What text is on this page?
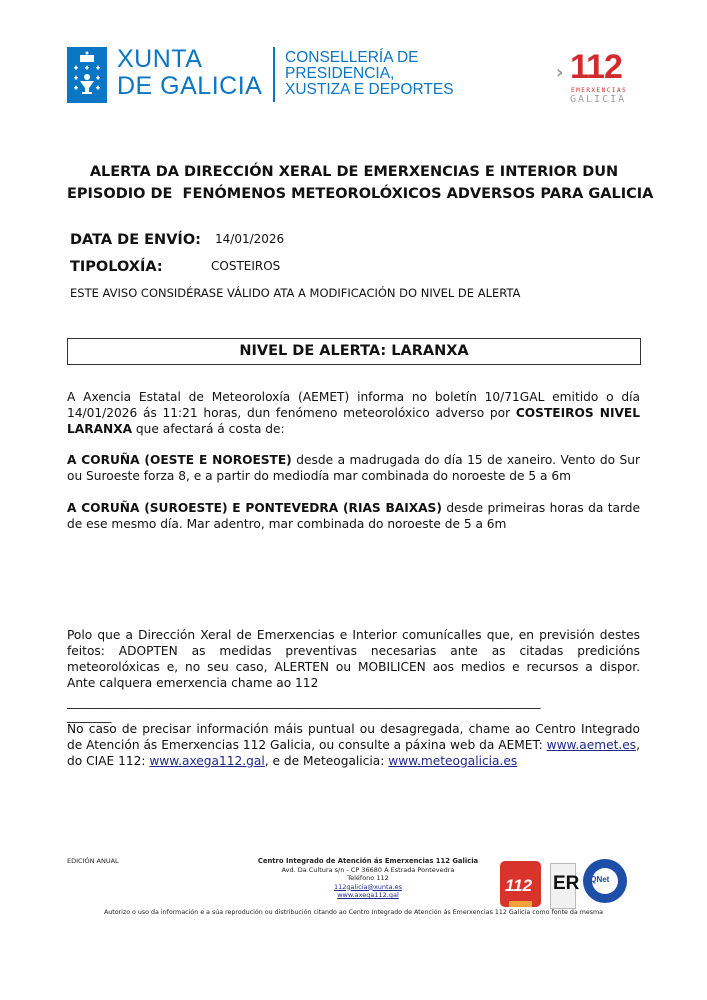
XUNTA
DE GALICIA
CONSELLERÍA DE
PRESIDENCIA,
XUSTIZA E DEPORTES
› 112
EMERXENCIAS
GALICIA
ALERTA DA DIRECCIÓN XERAL DE EMERXENCIAS E INTERIOR DUN
EPISODIO DE  FENÓMENOS METEOROLÓXICOS ADVERSOS PARA GALICIA
DATA DE ENVÍO: 14/01/2026
TIPOLOXÍA:	COSTEIROS
ESTE AVISO CONSIDÉRASE VÁLIDO ATA A MODIFICACIÓN DO NIVEL DE ALERTA
NIVEL DE ALERTA: LARANXA
A Axencia Estatal de Meteoroloxía (AEMET) informa no boletín 10/71GAL emitido o día 14/01/2026 ás 11:21 horas, dun fenómeno meteorolóxico adverso por COSTEIROS NIVEL LARANXA que afectará á costa de:
A CORUÑA (OESTE E NOROESTE) desde a madrugada do día 15 de xaneiro. Vento do Sur ou Suroeste forza 8, e a partir do mediodía mar combinada do noroeste de 5 a 6m
A CORUÑA (SUROESTE) E PONTEVEDRA (RIAS BAIXAS) desde primeiras horas da tarde de ese mesmo día. Mar adentro, mar combinada do noroeste de 5 a 6m
Polo que a Dirección Xeral de Emerxencias e Interior comunícalles que, en previsión destes feitos: ADOPTEN as medidas preventivas necesarias ante as citadas predicións meteorolóxicas e, no seu caso, ALERTEN ou MOBILICEN aos medios e recursos a dispor.    Ante calquera emerxencia chame ao 112
______________________________________________________________________________________
________
No caso de precisar información máis puntual ou desagregada, chame ao Centro Integrado de Atención ás Emerxencias 112 Galicia, ou consulte a páxina web da AEMET: www.aemet.es, do CIAE 112: www.axega112.gal, e de Meteogalicia: www.meteogalicia.es
EDICIÓN ANUAL	Centro Integrado de Atención ás Emerxencias 112 Galicia
Avd. Da Cultura s/n - CP 36680 A Estrada Pontevedra
Teléfono 112
112galicia@xunta.es
www.axega112.gal	112 ER IQNet
Autorizo o uso da información e a súa reprodución ou distribución citando ao Centro Integrado de Atención ás Emerxencias 112 Galicia como fonte da mesma
